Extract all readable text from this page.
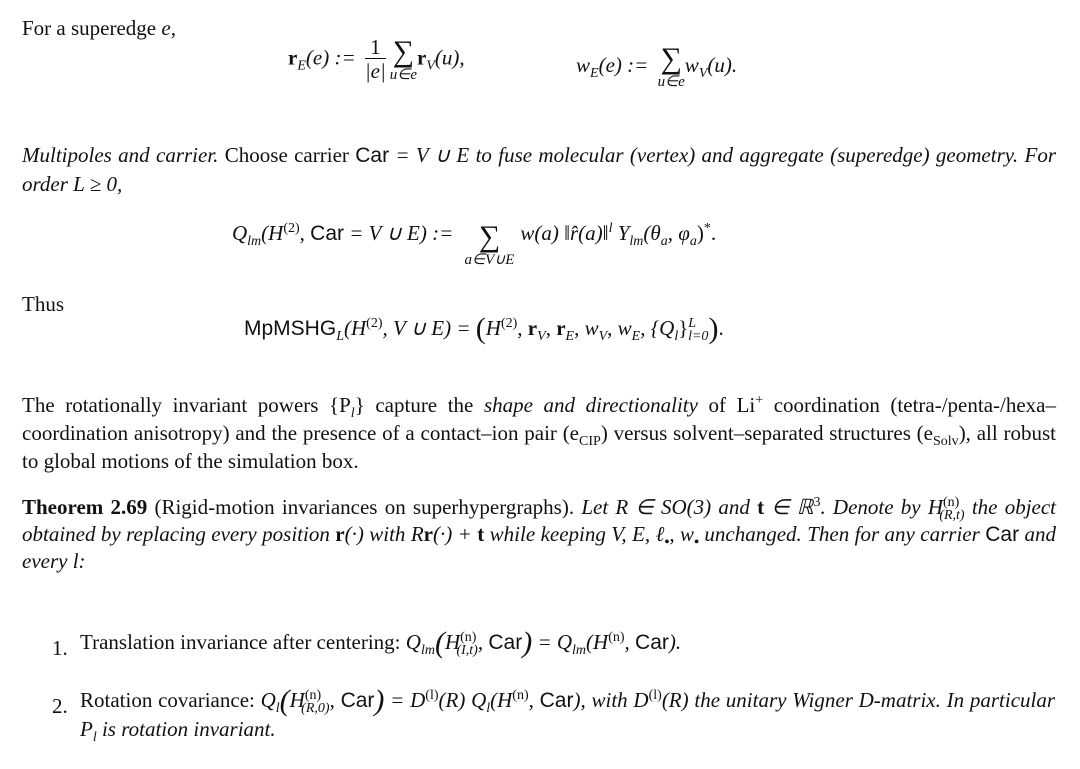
For a superedge e,
$r_E(e)$ := $\frac{1}{|e|}$ ∑
u∈e
$r_V(u)$,	$w_E(e)$ := ∑
u∈e
$w_V(u)$.
Multipoles and carrier. Choose carrier Car = V ∪ E to fuse molecular (vertex) and aggregate (superedge) geometry. For order L ≥ 0,
$Q_{lm}(H^{(2)}$, Car = V ∪ E) := ∑
a∈V∪E
w(a) ‖r̂(a)‖$^l$ $Y_{lm}(\theta_a$, $\varphi_a)^*$.
Thus
$MpMSHG_L(H^{(2)}$, V ∪ $E) = (H^{(2)}$, $r_V$, $r_E$, $w_V$, $w_E$, $\{Q_l\}^L_{l=0}$).
The rotationally invariant powers $\{P_l\}$ capture the shape and directionality of Li+ coordination (tetra-/penta-/hexa–coordination anisotropy) and the presence of a contact–ion pair $(e_{CIP})$ versus solvent–separated structures $(e_{Solv})$, all robust to global motions of the simulation box.
Theorem 2.69 (Rigid-motion invariances on superhypergraphs). Let R ∈ SO(3) and t ∈ ℝ$^3$. Denote by $H^{(n)}_{(R,t)}$ the object obtained by replacing every position r(·) with Rr(·) + t while keeping V, E, ℓ$_•$, $w_•$ unchanged. Then for any carrier Car and every l:
1. Translation invariance after centering: $Q_{lm}(H^{(n)}_{(I,t)}$, $Car) = Q_{lm}(H^{(n)}$, Car).
2. Rotation covariance: $Q_l(H^{(n)}_{(R,0)}$, $Car) = D^{(l)}(R)$ $Q_l(H^{(n)}$, Car), with $D^{(l)}(R)$ the unitary Wigner D-matrix. In particular $P_l$ is rotation invariant.
